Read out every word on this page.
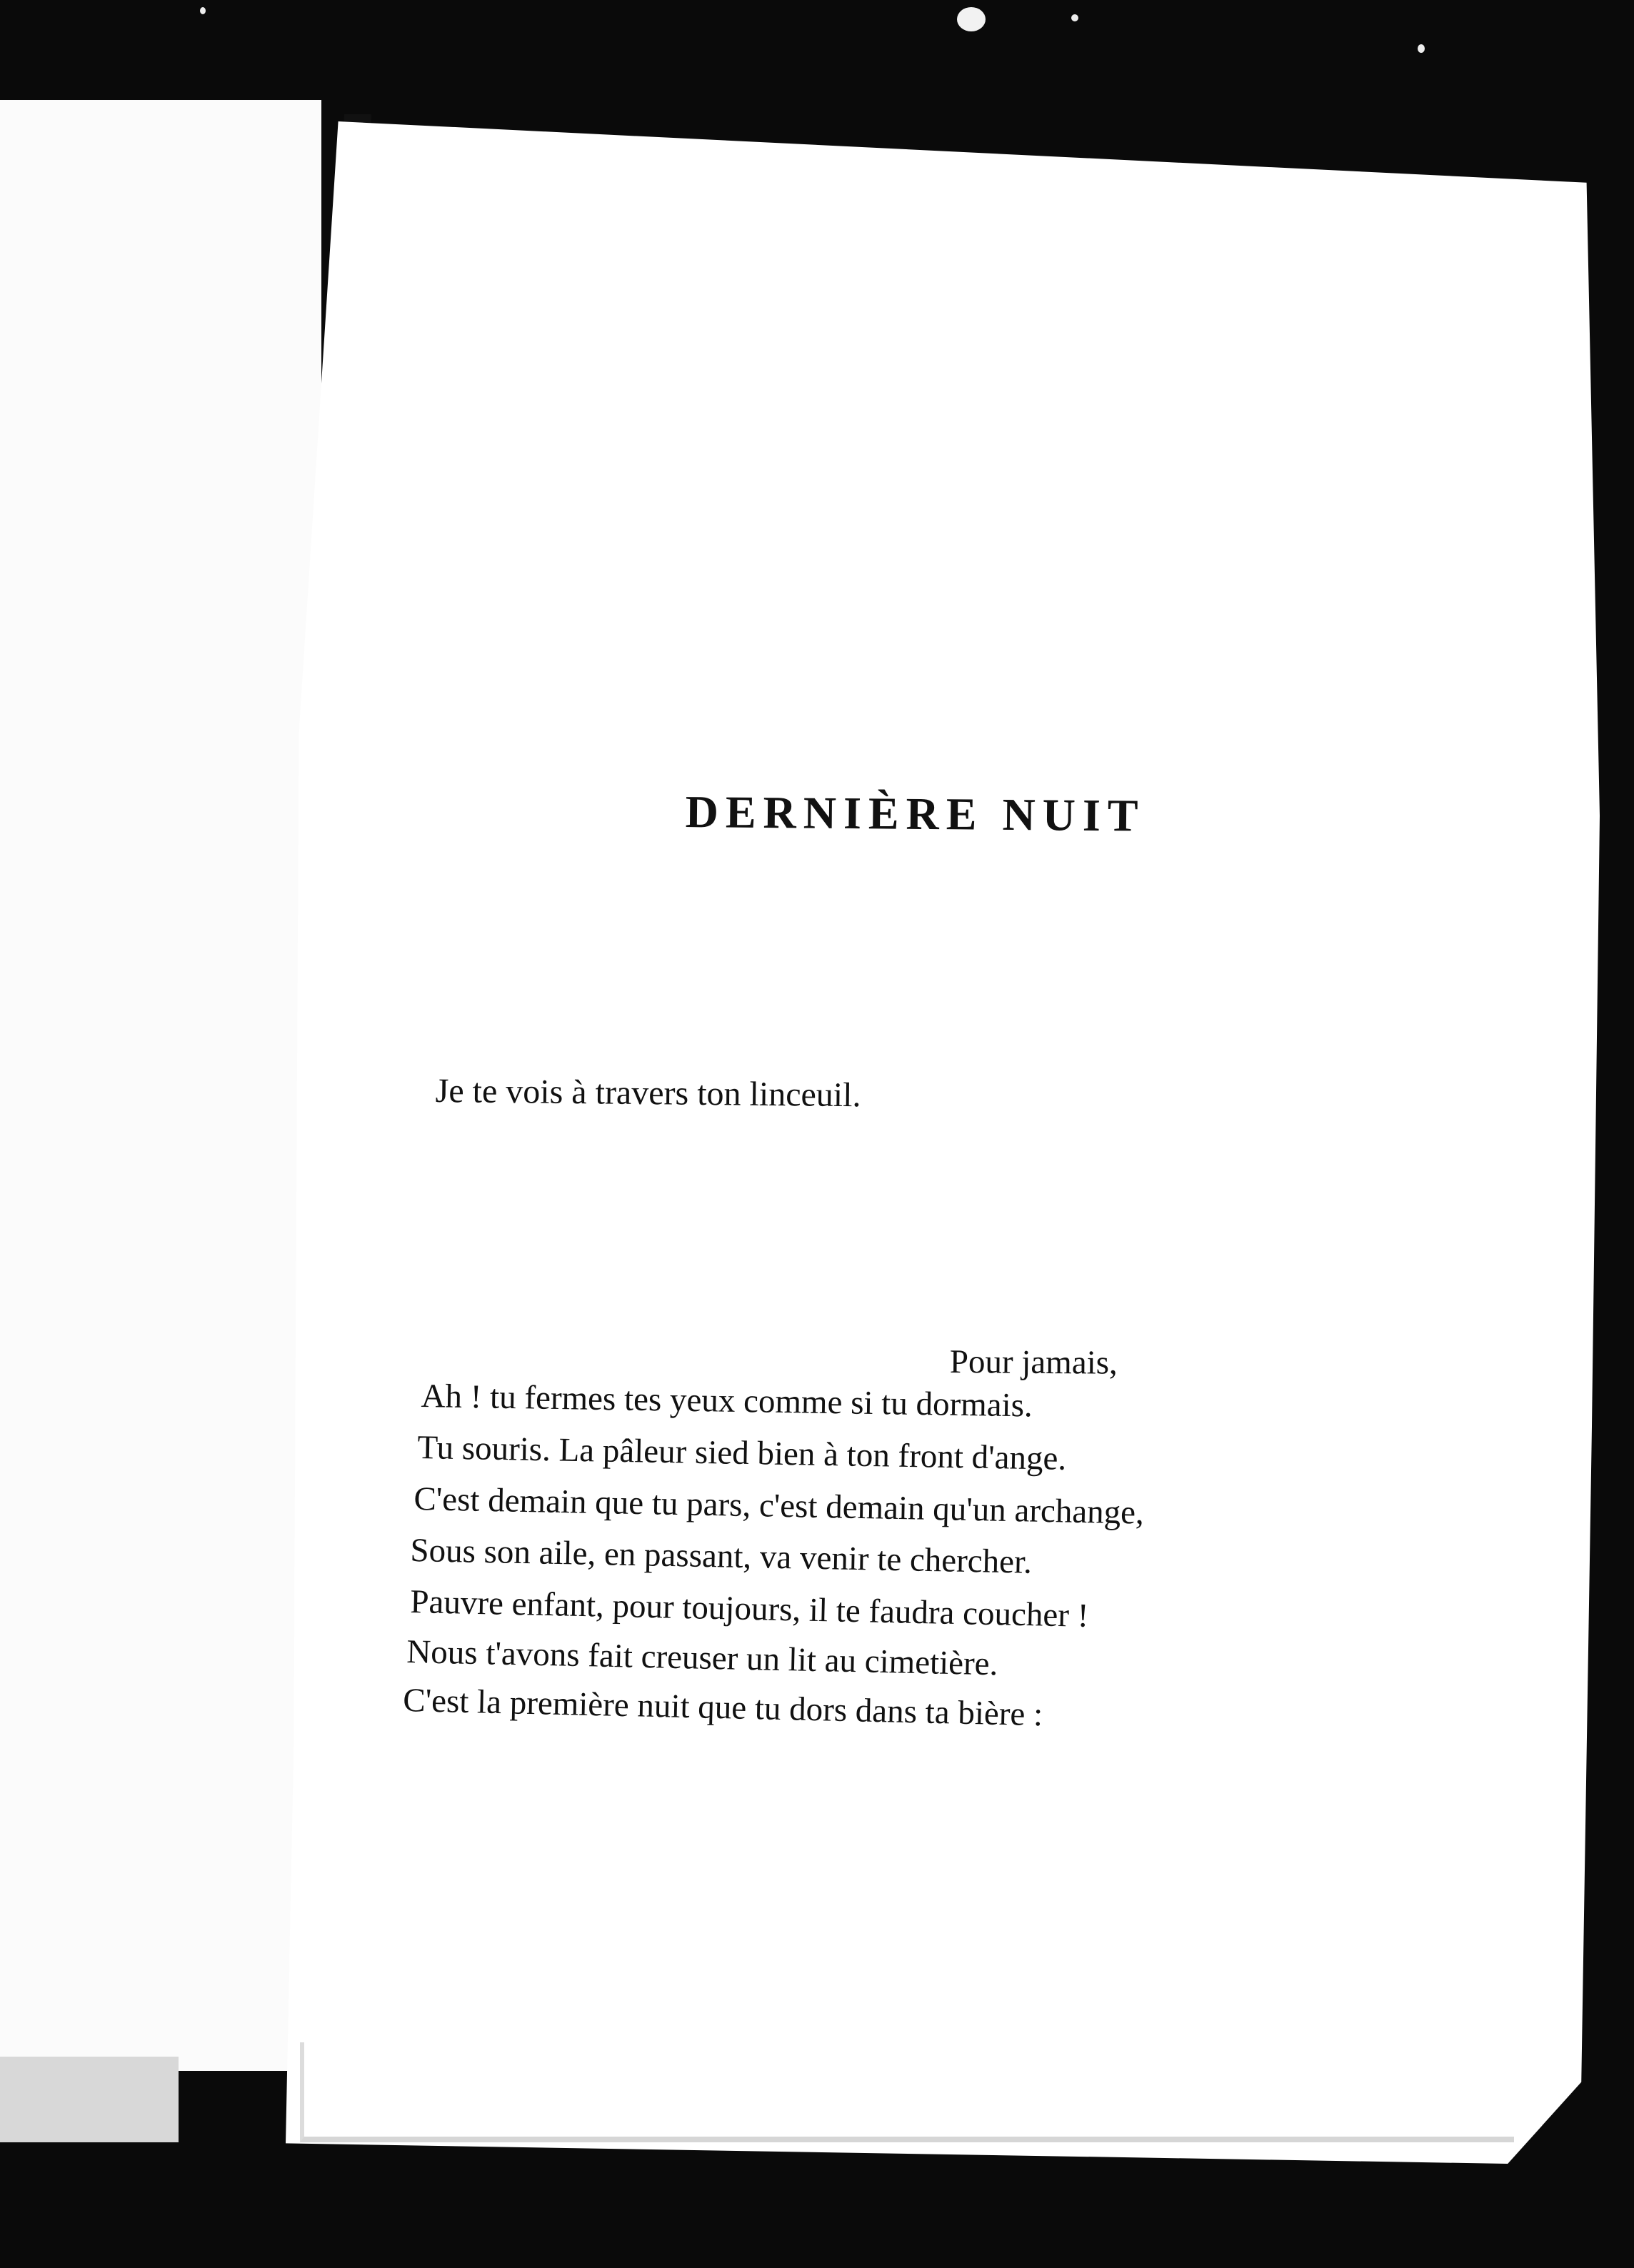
DERNIÈRE NUIT
Je te vois à travers ton linceuil.
Pour jamais,
Ah ! tu fermes tes yeux comme si tu dormais.
Tu souris. La pâleur sied bien à ton front d'ange.
C'est demain que tu pars, c'est demain qu'un archange,
Sous son aile, en passant, va venir te chercher.
Pauvre enfant, pour toujours, il te faudra coucher !
Nous t'avons fait creuser un lit au cimetière.
C'est la première nuit que tu dors dans ta bière :
